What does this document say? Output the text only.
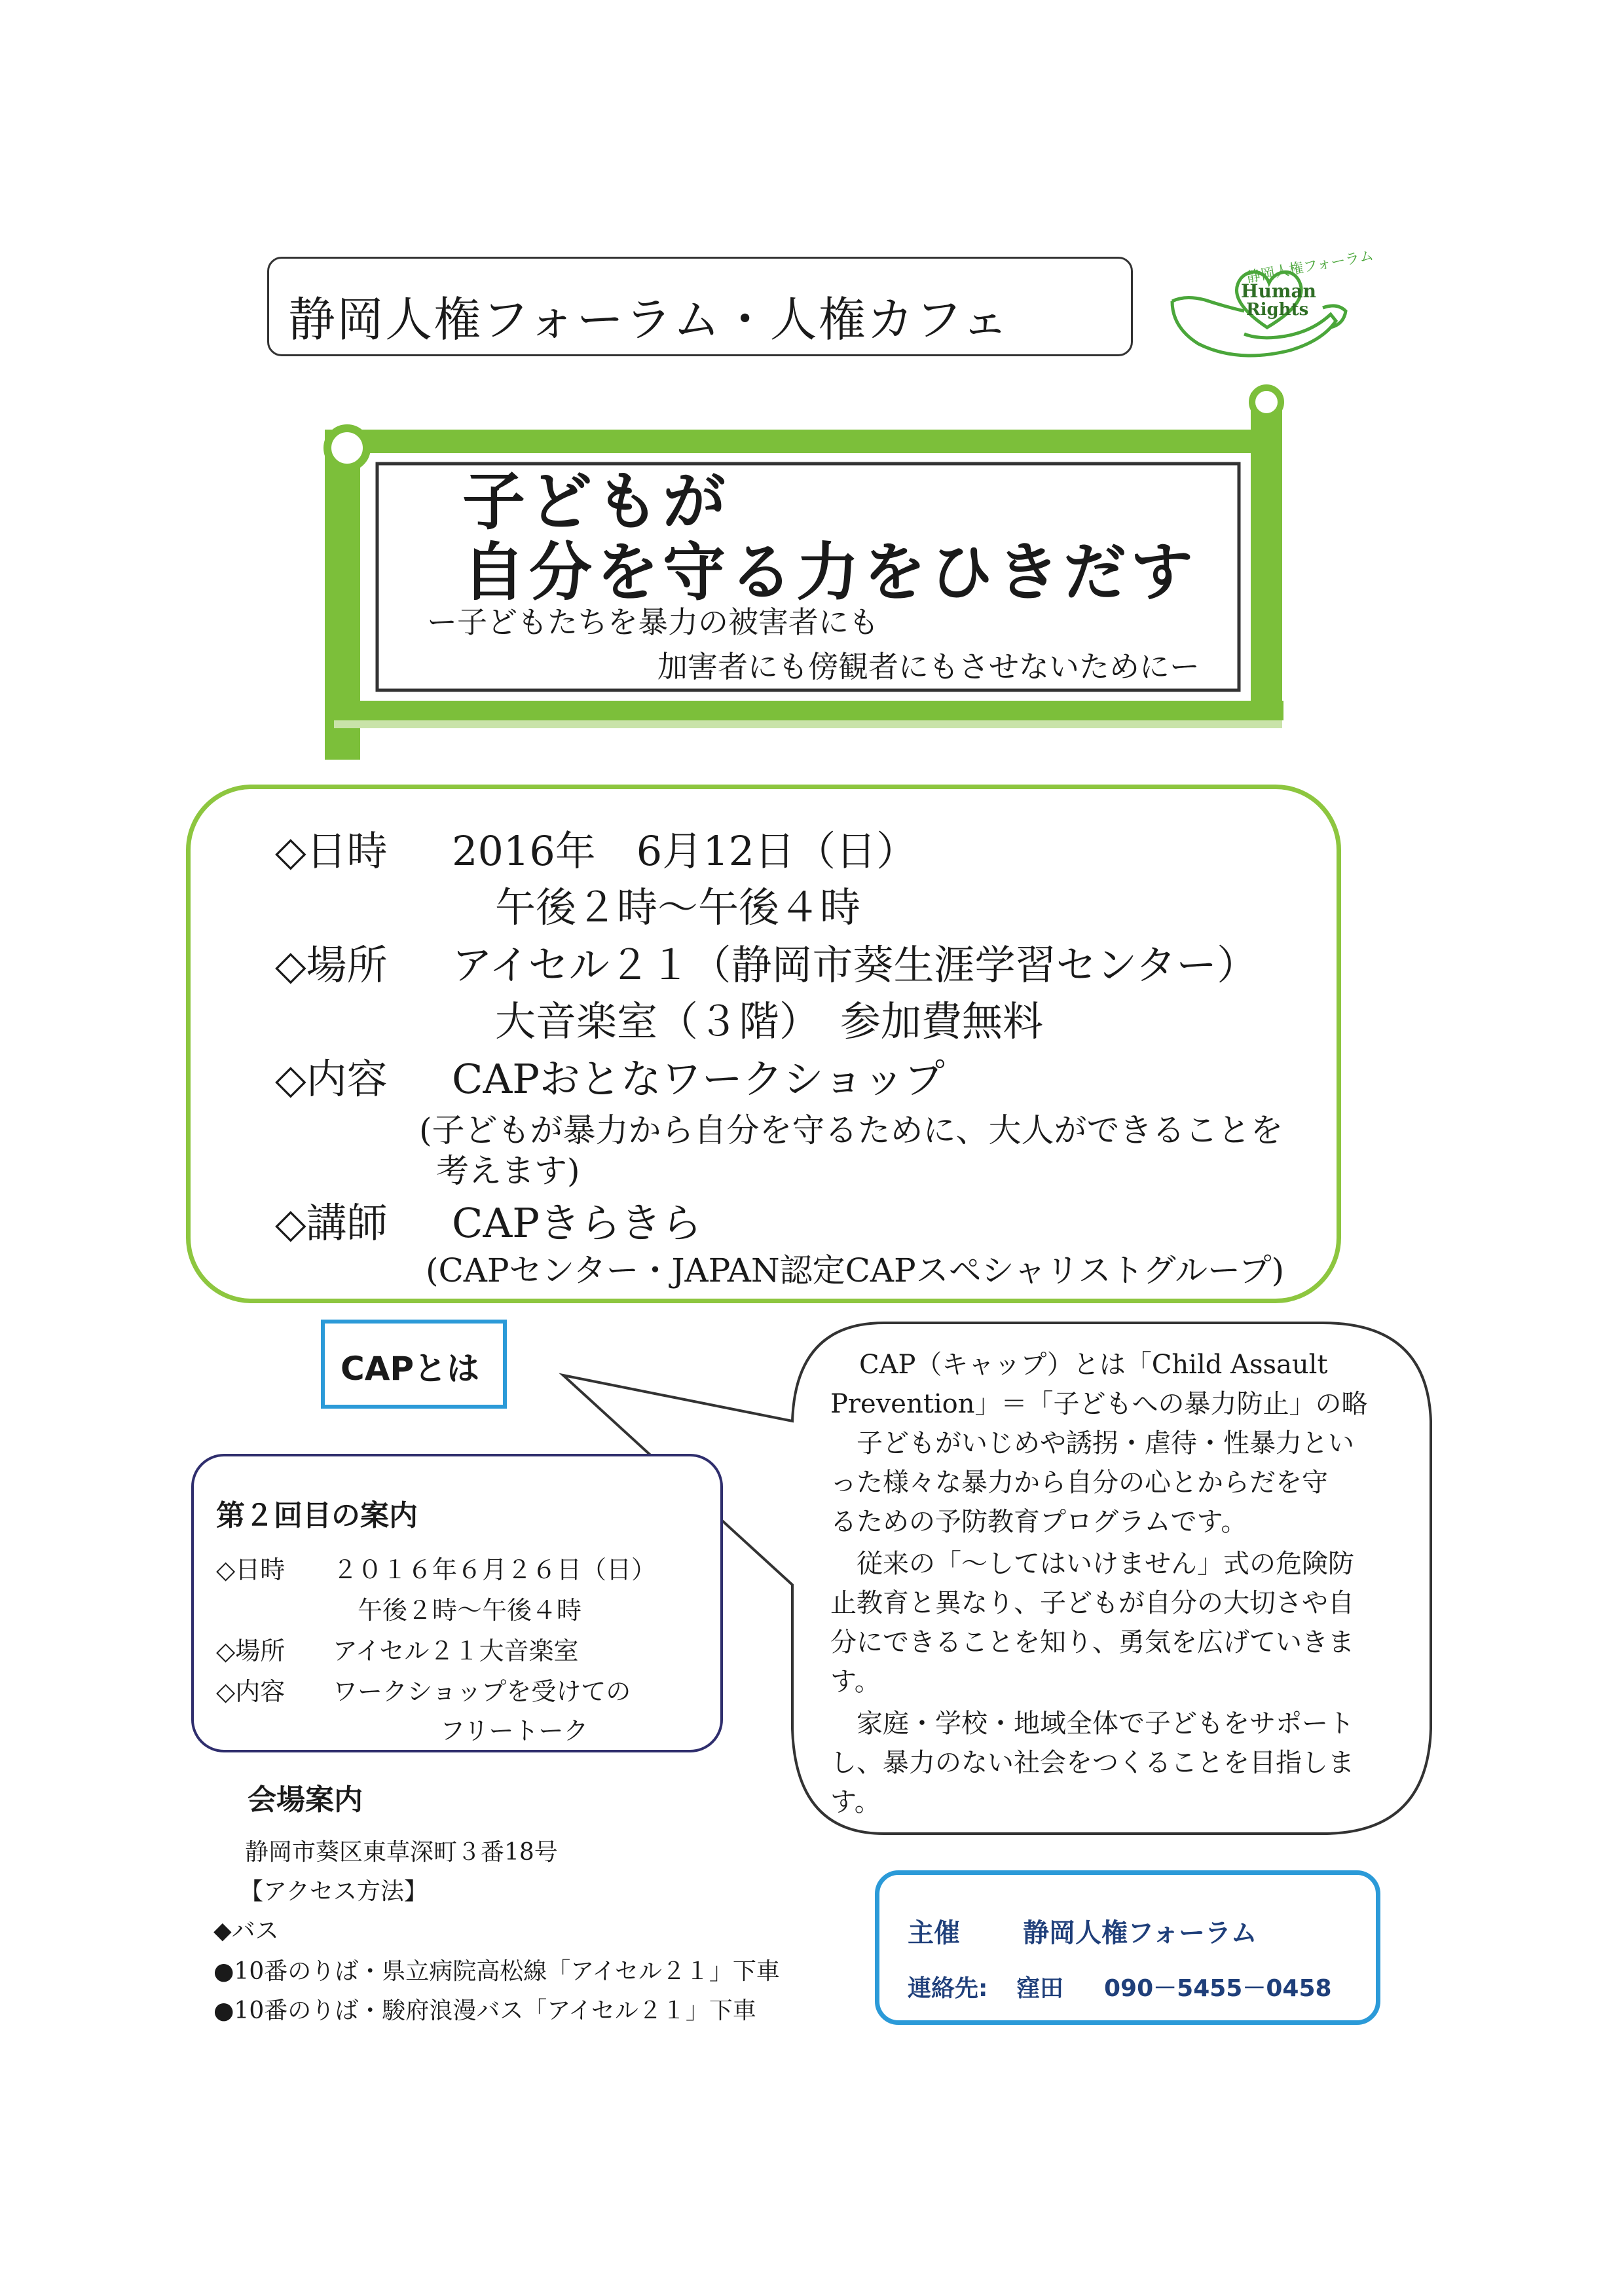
静岡人権フォーラム・人権カフェ
静岡人権フォーラム
Human
Rights
子どもが
自分を守る力をひきだす
ー子どもたちを暴力の被害者にも
加害者にも傍観者にもさせないためにー
◇日時 2016年　6月12日（日）
午後２時～午後４時
◇場所 アイセル２１（静岡市葵生涯学習センター）
大音楽室（３階）　参加費無料
◇内容 CAPおとなワークショップ
(子どもが暴力から自分を守るために、大人ができることを
考えます)
◇講師 CAPきらきら
(CAPセンター・JAPAN認定CAPスペシャリストグループ)
CAP（キャップ）とは「Child Assault
Prevention」＝「子どもへの暴力防止」の略
　子どもがいじめや誘拐・虐待・性暴力とい
った様々な暴力から自分の心とからだを守
るための予防教育プログラムです。
　従来の「～してはいけません」式の危険防
止教育と異なり、子どもが自分の大切さや自
分にできることを知り、勇気を広げていきま
す。
　家庭・学校・地域全体で子どもをサポート
し、暴力のない社会をつくることを目指しま
す。
CAPとは
第２回目の案内
◇日時 ２０１６年６月２６日（日）
午後２時～午後４時
◇場所 アイセル２１大音楽室
◇内容 ワークショップを受けての
フリートーク
会場案内
静岡市葵区東草深町３番18号
【アクセス方法】
◆バス
●10番のりば・県立病院高松線「アイセル２１」下車
●10番のりば・駿府浪漫バス「アイセル２１」下車
主催 静岡人権フォーラム
連絡先: 窪田 090－5455－0458
